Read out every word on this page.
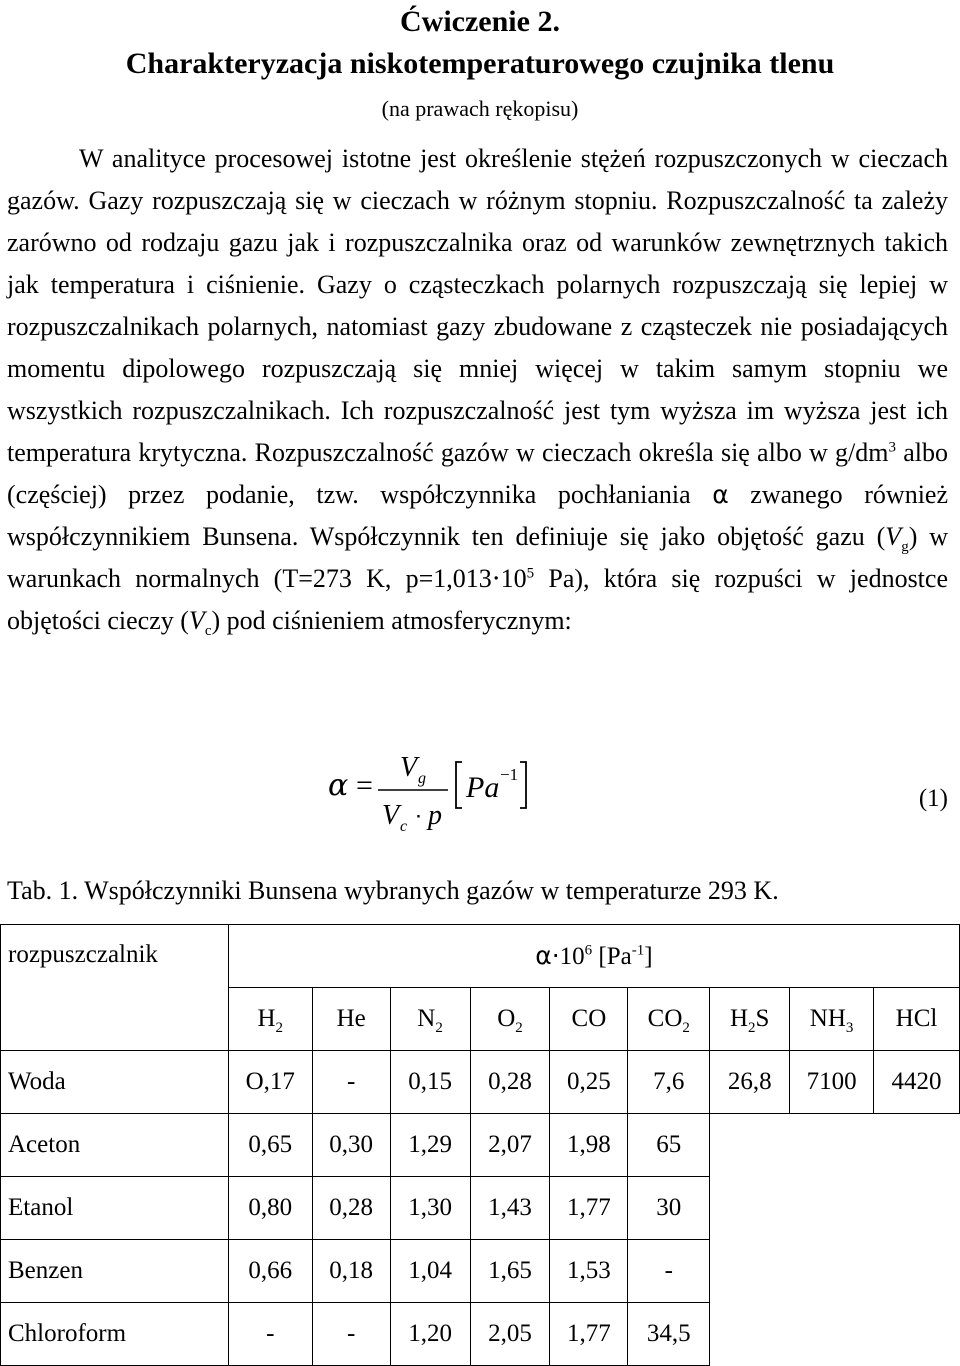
Ćwiczenie 2.
Charakteryzacja niskotemperaturowego czujnika tlenu
(na prawach rękopisu)

W analityce procesowej istotne jest określenie stężeń rozpuszczonych w cieczach gazów. Gazy rozpuszczają się w cieczach w różnym stopniu. Rozpuszczalność ta zależy zarówno od rodzaju gazu jak i rozpuszczalnika oraz od warunków zewnętrznych takich jak temperatura i ciśnienie. Gazy o cząsteczkach polarnych rozpuszczają się lepiej w rozpuszczalnikach polarnych, natomiast gazy zbudowane z cząsteczek nie posiadających momentu dipolowego rozpuszczają się mniej więcej w takim samym stopniu we wszystkich rozpuszczalnikach. Ich rozpuszczalność jest tym wyższa im wyższa jest ich temperatura krytyczna. Rozpuszczalność gazów w cieczach określa się albo w $g/dm^3$ albo (częściej) przez podanie, tzw. współczynnika pochłaniania α zwanego również współczynnikiem Bunsena. Współczynnik ten definiuje się jako objętość gazu $(V_g)$ w warunkach normalnych (T=273 K, $p=1,013\cdot 10^5$ Pa), która się rozpuści w jednostce objętości cieczy $(V_c)$ pod ciśnieniem atmosferycznym:

α =
V g
V c ⋅ p
Pa −1
(1)
Tab. 1. Współczynniki Bunsena wybranych gazów w temperaturze 293 K.
rozpuszczalnik	$\alpha\cdot 10^6$ $[Pa^{-1}]$								
	$H_2$	He	$N_2$	$O_2$	CO	$CO_2$	$H_2S$	$NH_3$	HCl
Woda	O,17	-	0,15	0,28	0,25	7,6	26,8	7100	4420
Aceton	0,65	0,30	1,29	2,07	1,98	65			
Etanol	0,80	0,28	1,30	1,43	1,77	30			
Benzen	0,66	0,18	1,04	1,65	1,53	-			
Chloroform	-	-	1,20	2,05	1,77	34,5			
